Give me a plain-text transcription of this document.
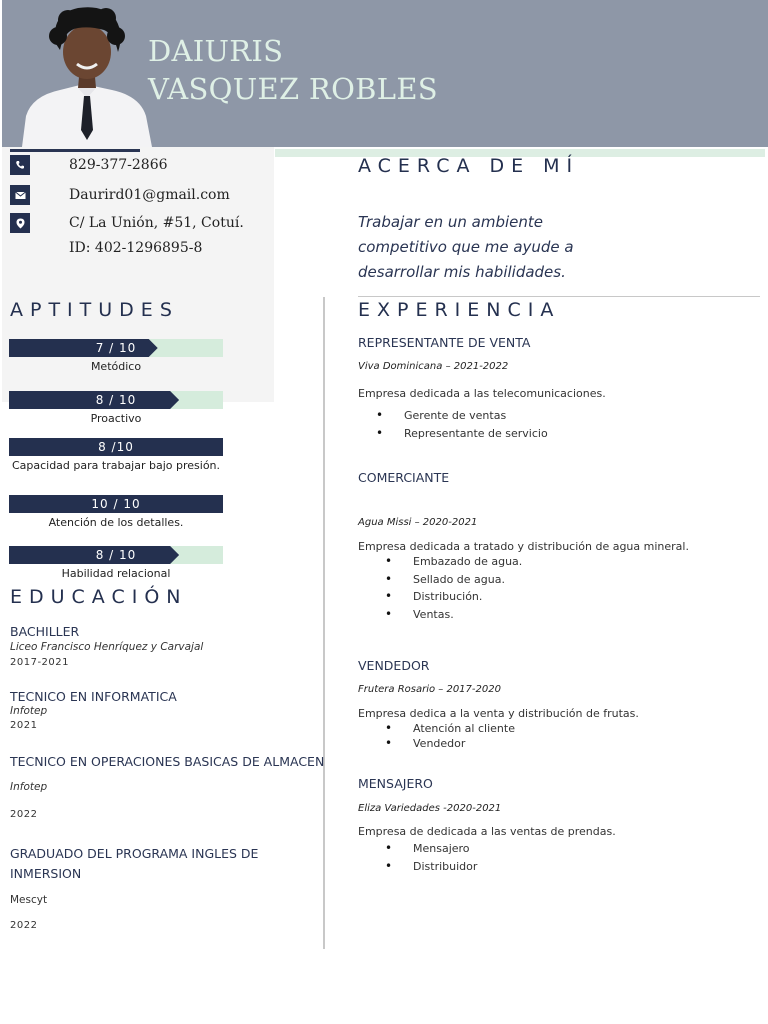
DAIURIS
VASQUEZ ROBLES
829-377-2866
Daurird01@gmail.com
C/ La Unión, #51, Cotuí.
ID: 402-1296895-8
ACERCA DE MÍ
Trabajar en un ambiente competitivo que me ayude a desarrollar mis habilidades.
APTITUDES
7 / 10
Metódico
8 / 10
Proactivo
8 /10
Capacidad para trabajar bajo presión.
10 / 10
Atención de los detalles.
8 / 10
Habilidad relacional
EDUCACIÓN
BACHILLER
Liceo Francisco Henríquez y Carvajal
2017-2021
TECNICO EN INFORMATICA
Infotep
2021
TECNICO EN OPERACIONES BASICAS DE ALMACEN
Infotep
2022
GRADUADO DEL PROGRAMA INGLES DE INMERSION
Mescyt
2022
EXPERIENCIA
REPRESENTANTE DE VENTA
Viva Dominicana – 2021-2022
Empresa dedicada a las telecomunicaciones.
• Gerente de ventas
• Representante de servicio
COMERCIANTE
Agua Missi – 2020-2021
Empresa dedicada a tratado y distribución de agua mineral.
• Embazado de agua.
• Sellado de agua.
• Distribución.
• Ventas.
VENDEDOR
Frutera Rosario – 2017-2020
Empresa dedica a la venta y distribución de frutas.
• Atención al cliente
• Vendedor
MENSAJERO
Eliza Variedades -2020-2021
Empresa de dedicada a las ventas de prendas.
• Mensajero
• Distribuidor
